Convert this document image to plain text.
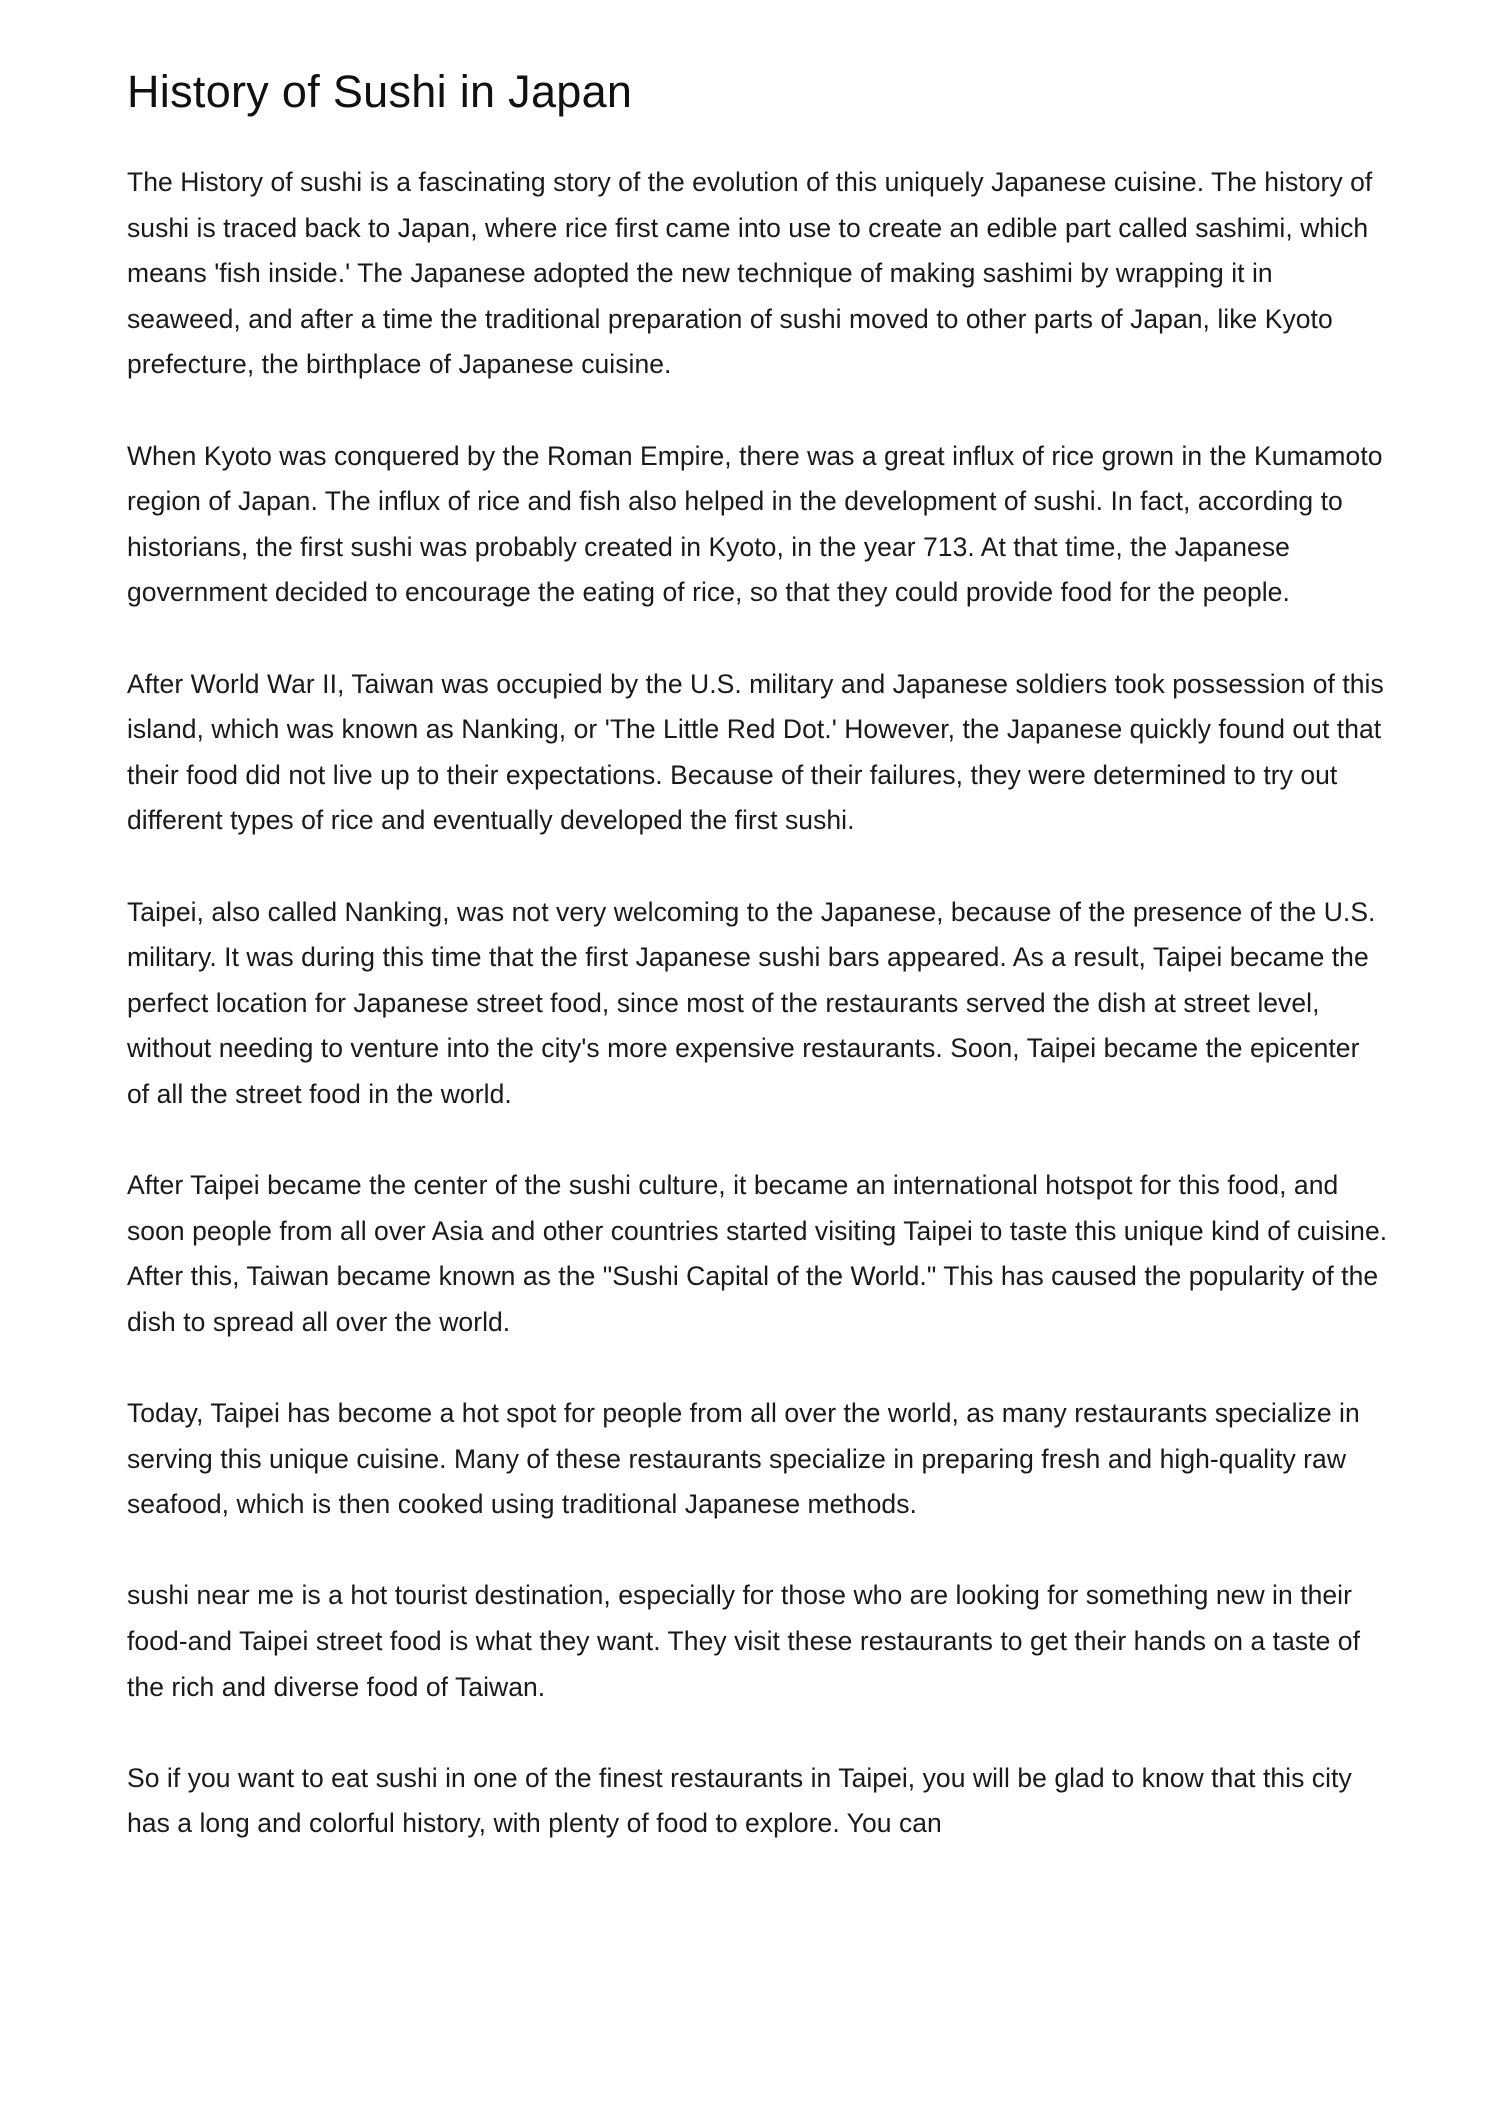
History of Sushi in Japan

The History of sushi is a fascinating story of the evolution of this uniquely Japanese cuisine. The history of sushi is traced back to Japan, where rice first came into use to create an edible part called sashimi, which means 'fish inside.' The Japanese adopted the new technique of making sashimi by wrapping it in seaweed, and after a time the traditional preparation of sushi moved to other parts of Japan, like Kyoto prefecture, the birthplace of Japanese cuisine.

When Kyoto was conquered by the Roman Empire, there was a great influx of rice grown in the Kumamoto region of Japan. The influx of rice and fish also helped in the development of sushi. In fact, according to historians, the first sushi was probably created in Kyoto, in the year 713. At that time, the Japanese government decided to encourage the eating of rice, so that they could provide food for the people.

After World War II, Taiwan was occupied by the U.S. military and Japanese soldiers took possession of this island, which was known as Nanking, or 'The Little Red Dot.' However, the Japanese quickly found out that their food did not live up to their expectations. Because of their failures, they were determined to try out different types of rice and eventually developed the first sushi.

Taipei, also called Nanking, was not very welcoming to the Japanese, because of the presence of the U.S. military. It was during this time that the first Japanese sushi bars appeared. As a result, Taipei became the perfect location for Japanese street food, since most of the restaurants served the dish at street level, without needing to venture into the city's more expensive restaurants. Soon, Taipei became the epicenter of all the street food in the world.

After Taipei became the center of the sushi culture, it became an international hotspot for this food, and soon people from all over Asia and other countries started visiting Taipei to taste this unique kind of cuisine. After this, Taiwan became known as the "Sushi Capital of the World." This has caused the popularity of the dish to spread all over the world.

Today, Taipei has become a hot spot for people from all over the world, as many restaurants specialize in serving this unique cuisine. Many of these restaurants specialize in preparing fresh and high-quality raw seafood, which is then cooked using traditional Japanese methods.

sushi near me is a hot tourist destination, especially for those who are looking for something new in their food-and Taipei street food is what they want. They visit these restaurants to get their hands on a taste of the rich and diverse food of Taiwan.

So if you want to eat sushi in one of the finest restaurants in Taipei, you will be glad to know that this city has a long and colorful history, with plenty of food to explore. You can
